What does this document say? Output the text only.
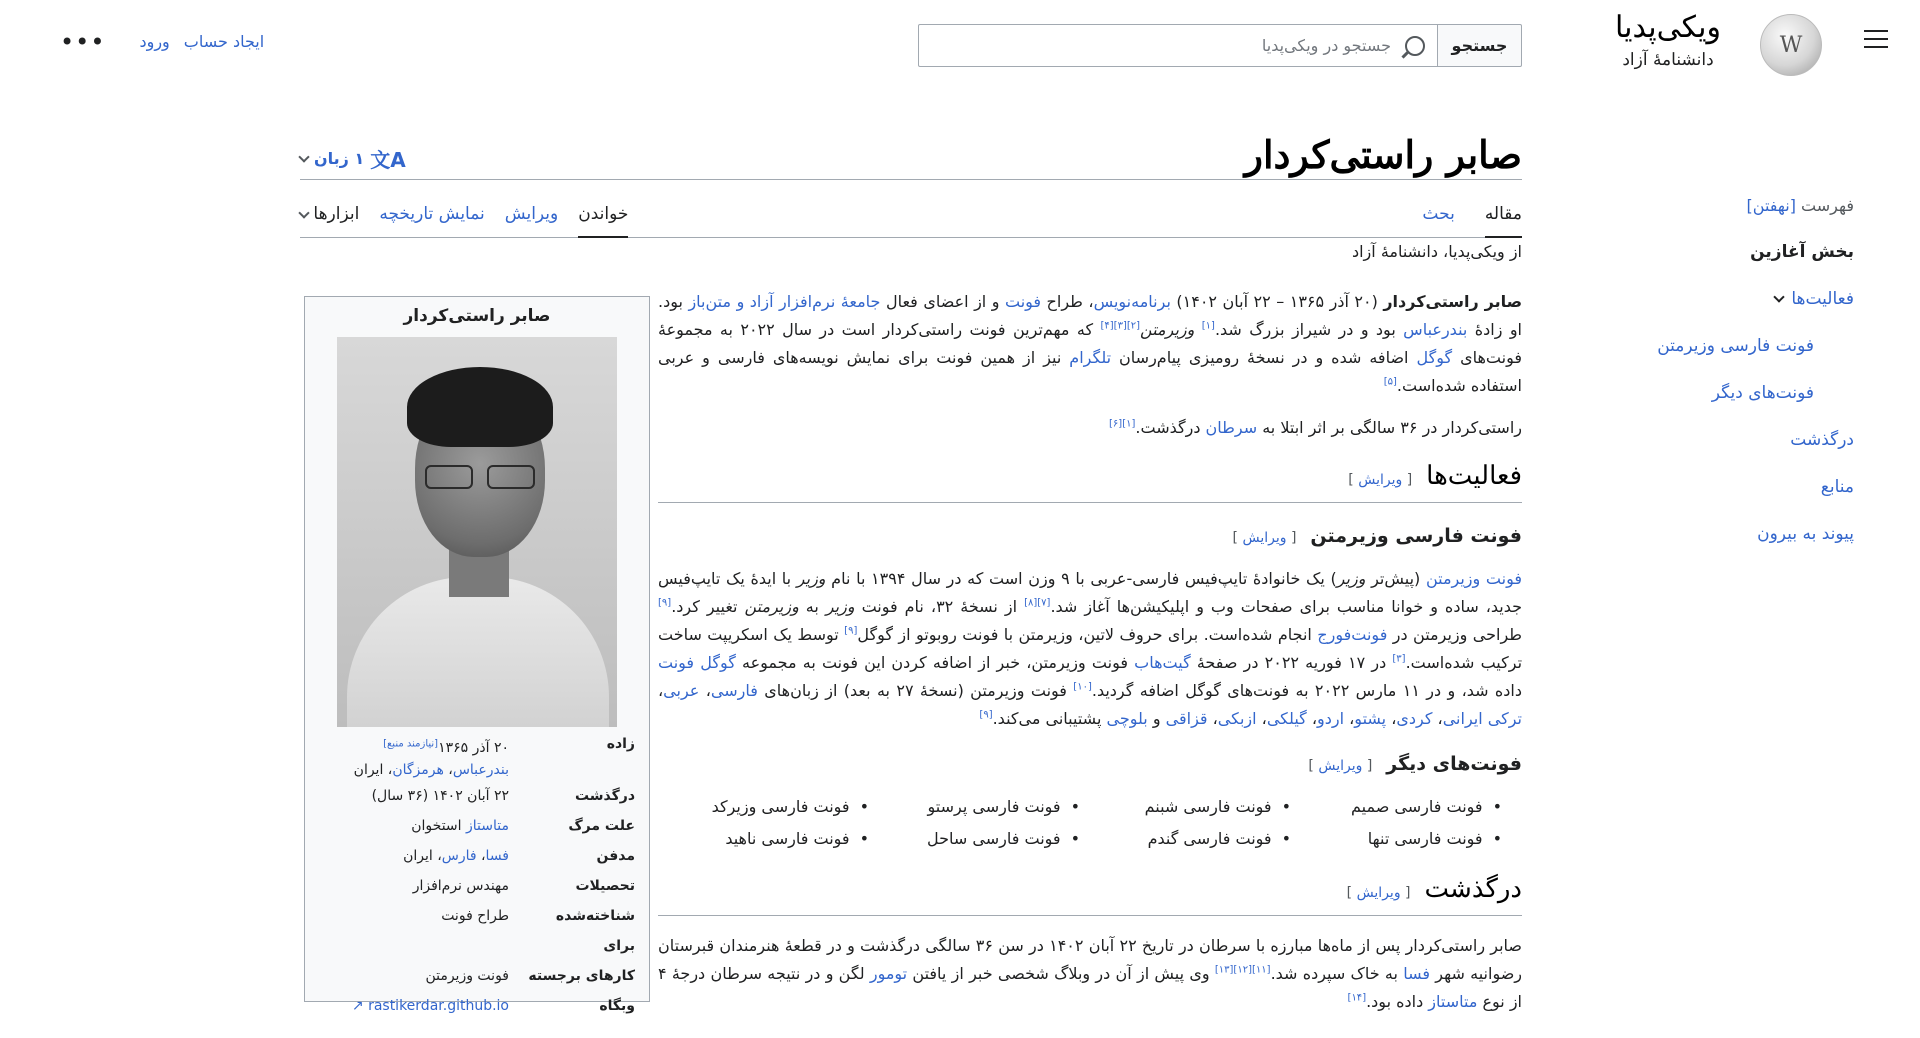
W
ویکی‌پدیا
دانشنامهٔ آزاد
جستجو در ویکی‌پدیا	جستجو
••• ورود ایجاد حساب
فهرست [نهفتن]
بخش آغازین
فعالیت‌ها
فونت فارسی وزیرمتن
فونت‌های دیگر
درگذشت
منابع
پیوند به بیرون
صابر راستی‌کردار
文A
۱ زبان
مقاله
بحث
خواندن
ویرایش
نمایش تاریخچه
ابزارها
از ویکی‌پدیا، دانشنامهٔ آزاد
صابر راستی‌کردار
زاده
۲۰ آذر ۱۳۶۵[نیازمند منبع]
بندرعباس، هرمزگان، ایران
درگذشت
۲۲ آبان ۱۴۰۲ (۳۶ سال)
علت مرگ
متاستاز استخوان
مدفن
فسا، فارس، ایران
تحصیلات
مهندس نرم‌افزار
شناخته‌شده برای
طراح فونت
کارهای برجسته
فونت وزیرمتن
وبگاه
rastikerdar.github.io ↗

صابر راستی‌کردار (۲۰ آذر ۱۳۶۵ – ۲۲ آبان ۱۴۰۲) برنامه‌نویس، طراح فونت و از اعضای فعال جامعهٔ نرم‌افزار آزاد و متن‌باز بود. او زادهٔ بندرعباس بود و در شیراز بزرگ شد.[۱] وزیرمتن[۲][۳][۴] که مهم‌ترین فونت راستی‌کردار است در سال ۲۰۲۲ به مجموعهٔ فونت‌های گوگل اضافه شده و در نسخهٔ رومیزی پیام‌رسان تلگرام نیز از همین فونت برای نمایش نویسه‌های فارسی و عربی استفاده شده‌است.[۵]

راستی‌کردار در ۳۶ سالگی بر اثر ابتلا به سرطان درگذشت.[۱][۶]

فعالیت‌ها[ ویرایش ]
فونت فارسی وزیرمتن[ ویرایش ]

فونت وزیرمتن (پیش‌تر وزیر) یک خانوادهٔ تایپ‌فیس فارسی-عربی با ۹ وزن است که در سال ۱۳۹۴ با نام وزیر با ایدهٔ یک تایپ‌فیس جدید، ساده و خوانا مناسب برای صفحات وب و اپلیکیشن‌ها آغاز شد.[۷][۸] از نسخهٔ ۳۲، نام فونت وزیر به وزیرمتن تغییر کرد.[۹] طراحی وزیرمتن در فونت‌فورج انجام شده‌است. برای حروف لاتین، وزیرمتن با فونت روبوتو از گوگل[۹] توسط یک اسکریپت ساخت ترکیب شده‌است.[۳] در ۱۷ فوریه ۲۰۲۲ در صفحهٔ گیت‌هاب فونت وزیرمتن، خبر از اضافه کردن این فونت به مجموعه گوگل فونت داده شد، و در ۱۱ مارس ۲۰۲۲ به فونت‌های گوگل اضافه گردید.[۱۰] فونت وزیرمتن (نسخهٔ ۲۷ به بعد) از زبان‌های فارسی، عربی، ترکی ایرانی، کردی، پشتو، اردو، گیلکی، ازبکی، قزاقی و بلوچی پشتیبانی می‌کند.[۹]

فونت‌های دیگر[ ویرایش ]
• فونت فارسی صمیم
• فونت فارسی شبنم
• فونت فارسی پرستو
• فونت فارسی وزیرکد
• فونت فارسی تنها
• فونت فارسی گندم
• فونت فارسی ساحل
• فونت فارسی ناهید
درگذشت[ ویرایش ]

صابر راستی‌کردار پس از ماه‌ها مبارزه با سرطان در تاریخ ۲۲ آبان ۱۴۰۲ در سن ۳۶ سالگی درگذشت و در قطعهٔ هنرمندان قبرستان رضوانیه شهر فسا به خاک سپرده شد.[۱۱][۱۲][۱۳] وی پیش از آن در وبلاگ شخصی خبر از یافتن تومور لگن و در نتیجه سرطان درجهٔ ۴ از نوع متاستاز داده بود.[۱۴]
